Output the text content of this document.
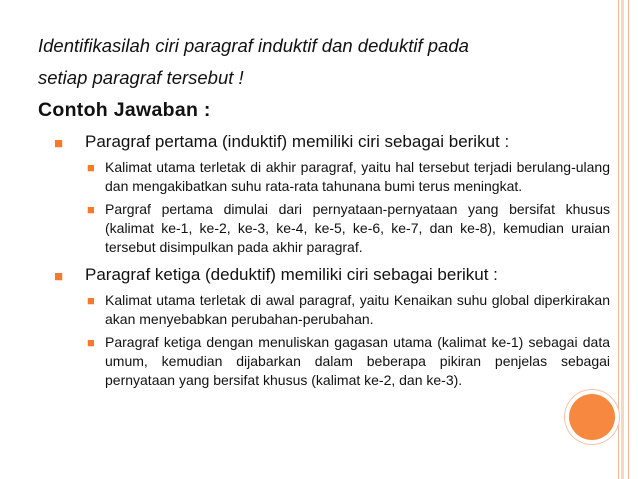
Identifikasilah ciri paragraf induktif dan deduktif pada

setiap paragraf tersebut !

Contoh Jawaban :

■ Paragraf pertama (induktif) memiliki ciri sebagai berikut :
■ Kalimat utama terletak di akhir paragraf, yaitu hal tersebut terjadi berulang-ulang dan mengakibatkan suhu rata-rata tahunana bumi terus meningkat.
■ Pargraf pertama dimulai dari pernyataan-pernyataan yang bersifat khusus (kalimat ke-1, ke-2, ke-3, ke-4, ke-5, ke-6, ke-7, dan ke-8), kemudian uraian tersebut disimpulkan pada akhir paragraf.
■ Paragraf ketiga (deduktif) memiliki ciri sebagai berikut :
■ Kalimat utama terletak di awal paragraf, yaitu Kenaikan suhu global diperkirakan akan menyebabkan perubahan-perubahan.
■ Paragraf ketiga dengan menuliskan gagasan utama (kalimat ke-1) sebagai data umum, kemudian dijabarkan dalam beberapa pikiran penjelas sebagai pernyataan yang bersifat khusus (kalimat ke-2, dan ke-3).
